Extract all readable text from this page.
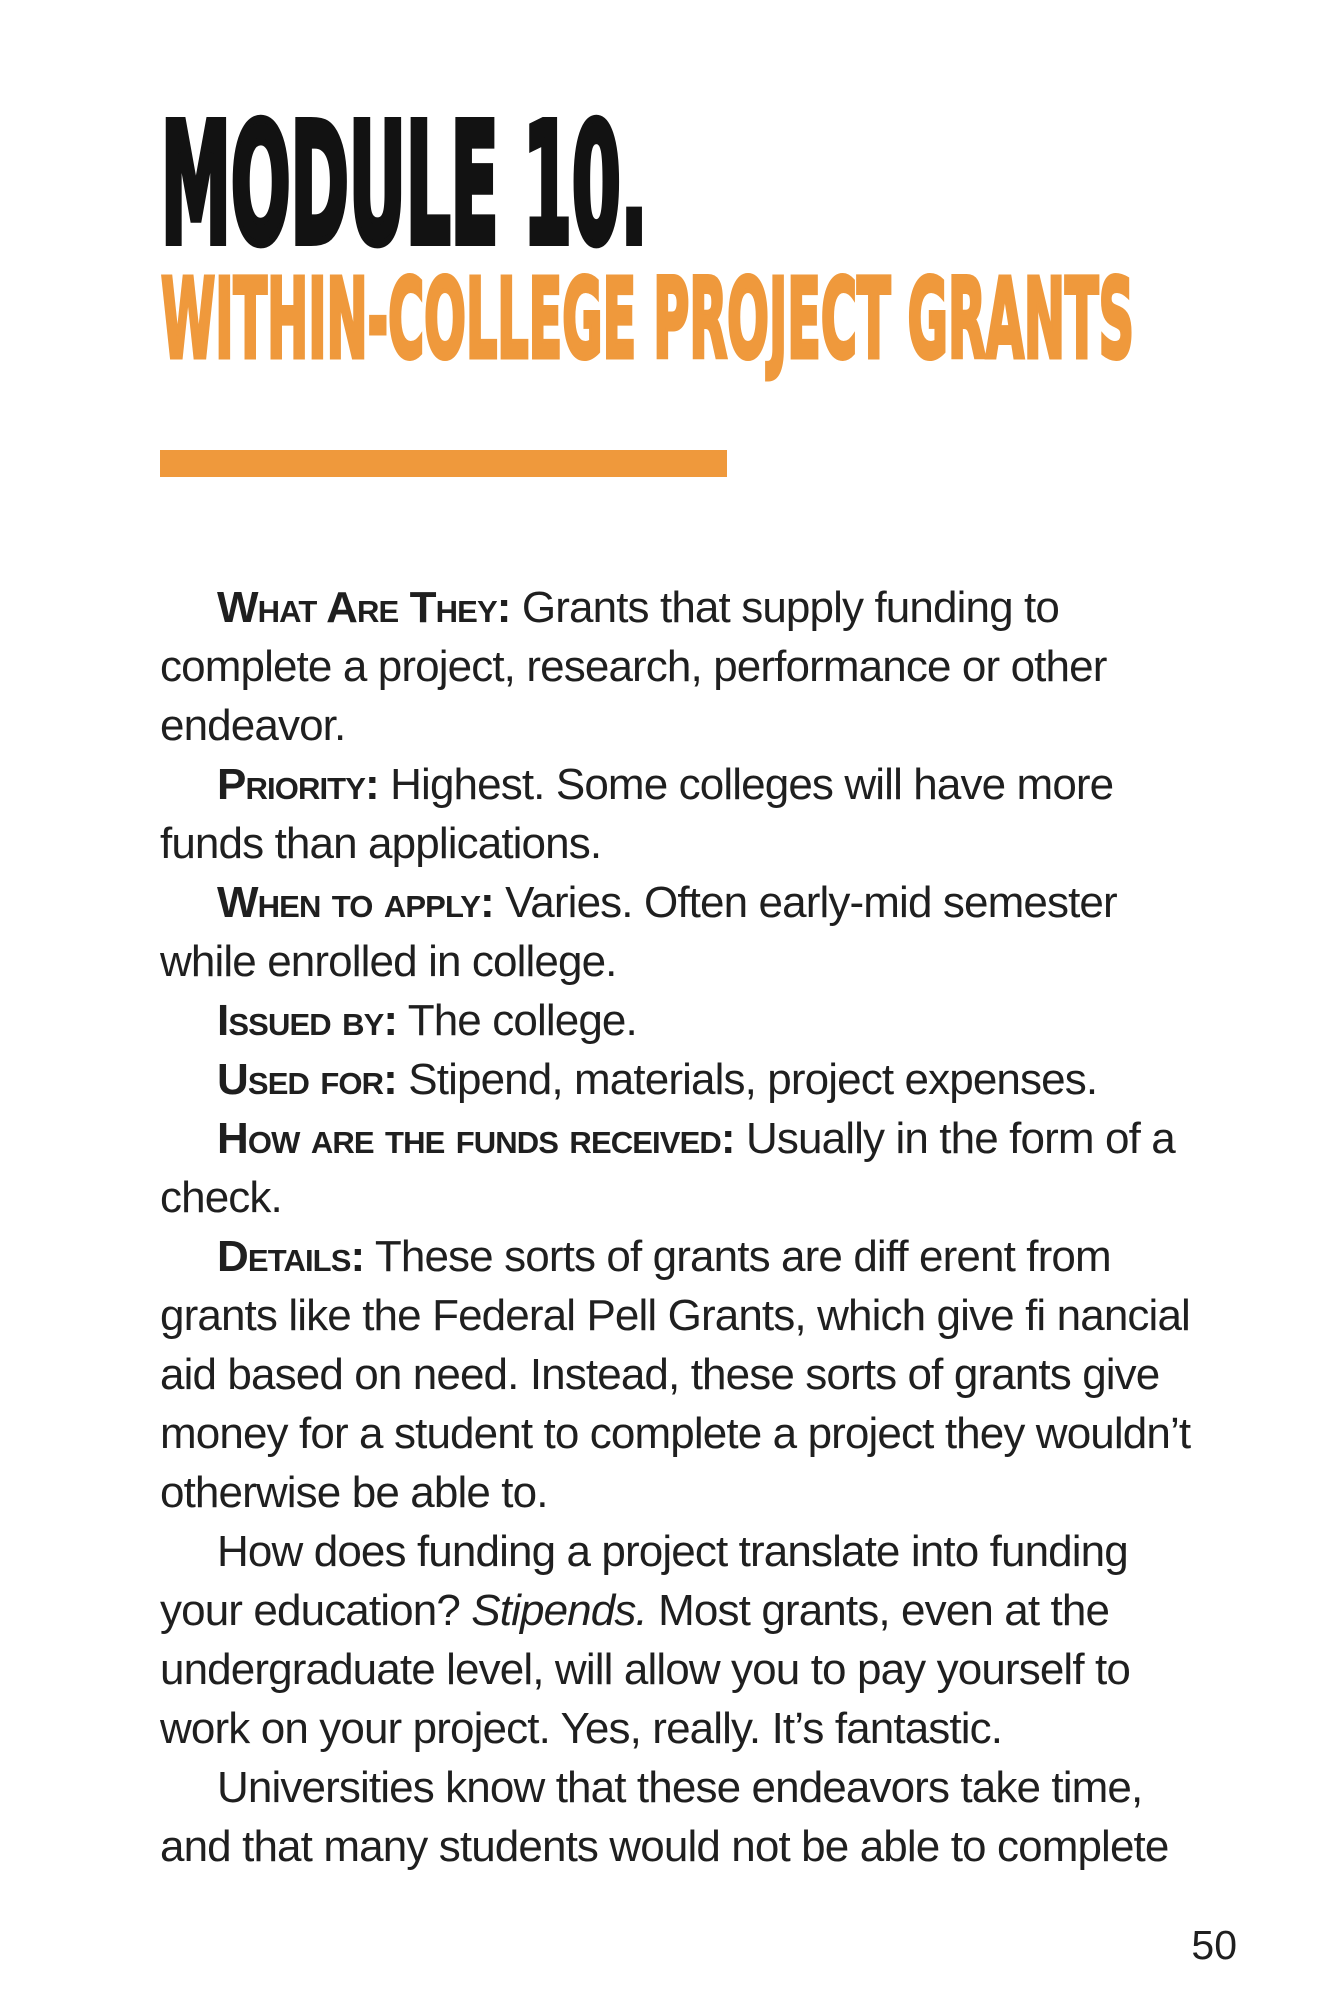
MODULE 10.
WITHIN-COLLEGE PROJECT GRANTS
What Are They: Grants that supply funding to
complete a project, research, performance or other
endeavor.
Priority: Highest. Some colleges will have more
funds than applications.
When to apply: Varies. Often early-mid semester
while enrolled in college.
Issued by: The college.
Used for: Stipend, materials, project expenses.
How are the funds received: Usually in the form of a
check.
Details: These sorts of grants are diff erent from
grants like the Federal Pell Grants, which give fi nancial
aid based on need. Instead, these sorts of grants give
money for a student to complete a project they wouldn’t
otherwise be able to.
How does funding a project translate into funding
your education? Stipends. Most grants, even at the
undergraduate level, will allow you to pay yourself to
work on your project. Yes, really. It’s fantastic.
Universities know that these endeavors take time,
and that many students would not be able to complete
50
